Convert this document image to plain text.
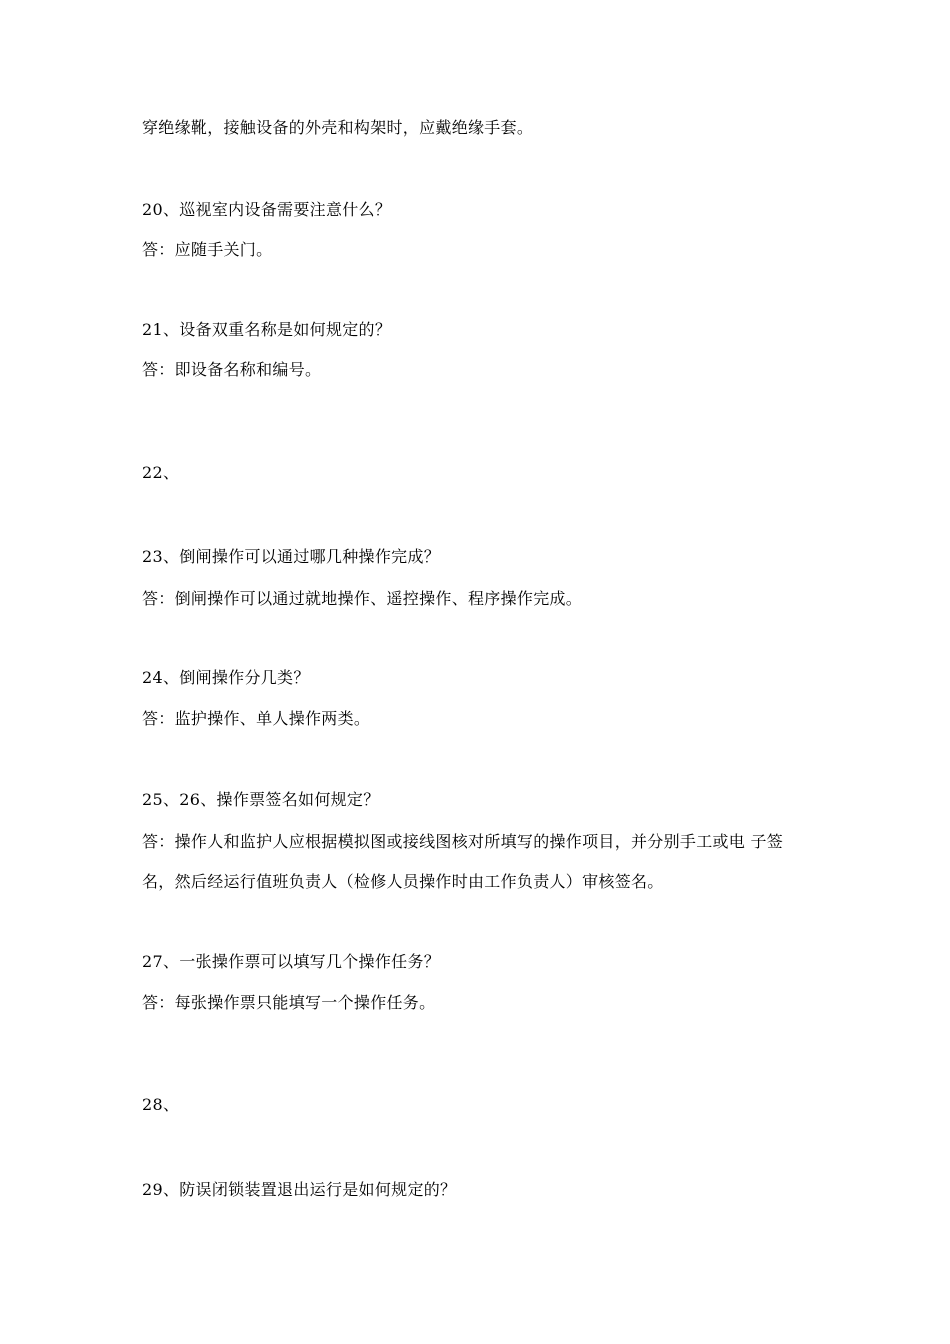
穿绝缘靴，接触设备的外壳和构架时，应戴绝缘手套。
20、巡视室内设备需要注意什么？
答：应随手关门。
21、设备双重名称是如何规定的？
答：即设备名称和编号。
22、
23、倒闸操作可以通过哪几种操作完成？
答：倒闸操作可以通过就地操作、遥控操作、程序操作完成。
24、倒闸操作分几类？
答：监护操作、单人操作两类。
25、26、操作票签名如何规定？
答：操作人和监护人应根据模拟图或接线图核对所填写的操作项目，并分别手工或电 子签
名，然后经运行值班负责人（检修人员操作时由工作负责人）审核签名。
27、一张操作票可以填写几个操作任务？
答：每张操作票只能填写一个操作任务。
28、
29、防误闭锁装置退出运行是如何规定的？
